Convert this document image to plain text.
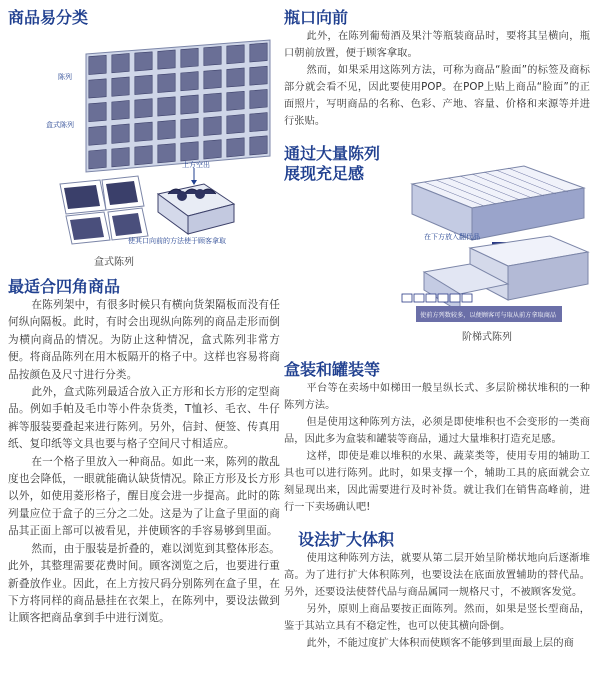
商品易分类
陈列
盒式陈列
上方空出
使其口向前的方法使于顾客拿取
盒式陈列
最适合四角商品

在陈列架中，有很多时候只有横向货架隔板而没有任何纵向隔板。此时，有时会出现纵向陈列的商品走形而倒为横向商品的情况。为防止这种情况，盒式陈列非常方便。将商品陈列在用木板隔开的格子中。这样也容易将商品按颜色及尺寸进行分类。

此外，盒式陈列最适合放入正方形和长方形的定型商品。例如手帕及毛巾等小件杂货类，T恤衫、毛衣、牛仔裤等服装要叠起来进行陈列。另外，信封、便签、传真用纸、复印纸等文具也要与格子空间尺寸相适应。

在一个格子里放入一种商品。如此一来，陈列的散乱度也会降低，一眼就能确认缺货情况。除正方形及长方形以外，如使用菱形格子，醒目度会进一步提高。此时的陈列量应位于盒子的三分之二处。这是为了让盒子里面的商品其正面上部可以被看见，并使顾客的手容易够到里面。

然而，由于服装是折叠的，难以浏览到其整体形态。此外，其整理需要花费时间。顾客浏览之后，也要进行重新叠放作业。因此，在上方按尺码分别陈列在盒子里，在下方将同样的商品悬挂在衣架上，在陈列中，要设法做到让顾客把商品拿到手中进行浏览。

瓶口向前

此外，在陈列葡萄酒及果汁等瓶装商品时，要将其呈横向，瓶口朝前放置，便于顾客拿取。

然而，如果采用这陈列方法，可称为商品“脸面”的标签及商标部分就会看不见，因此要使用POP。在POP上贴上商品“脸面”的正面照片，写明商品的名称、色彩、产地、容量、价格和来源等并进行张贴。

通过大量陈列
展现充足感
在下方放入翻代品
使前方列数较多，以便顾客可与取从前方拿取商品
阶梯式陈列
盒装和罐装等

平台等在卖场中如梯田一般呈纵长式、多层阶梯状堆积的一种陈列方法。

但是使用这种陈列方法，必须是即使堆积也不会变形的一类商品，因此多为盒装和罐装等商品，通过大量堆积打造充足感。

这样，即使是难以堆积的水果、蔬菜类等，使用专用的辅助工具也可以进行陈列。此时，如果支撑一个，辅助工具的底面就会立刻显现出来，因此需要进行及时补货。就让我们在销售高峰前，进行一下卖场确认吧!

设法扩大体积

使用这种陈列方法，就要从第二层开始呈阶梯状地向后逐渐堆高。为了进行扩大体积陈列，也要设法在底面放置辅助的替代品。另外，还要设法使替代品与商品属同一规格尺寸，不被顾客发觉。

另外，原则上商品要按正面陈列。然而，如果是竖长型商品，鉴于其站立具有不稳定性，也可以使其横向卧倒。

此外，不能过度扩大体积而使顾客不能够到里面最上层的商
